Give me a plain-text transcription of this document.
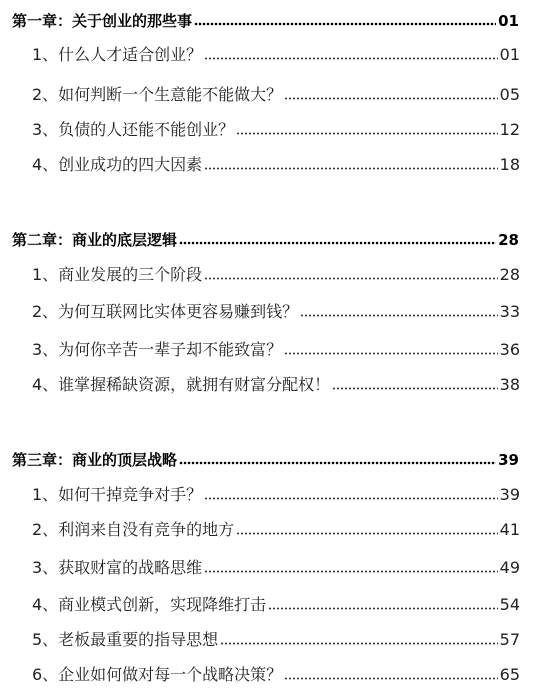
第一章：关于创业的那些事	01
1、什么人才适合创业？	01
2、如何判断一个生意能不能做大？	05
3、负债的人还能不能创业？	12
4、创业成功的四大因素	18
第二章：商业的底层逻辑	28
1、商业发展的三个阶段	28
2、为何互联网比实体更容易赚到钱？	33
3、为何你辛苦一辈子却不能致富？	36
4、谁掌握稀缺资源，就拥有财富分配权！	38
第三章：商业的顶层战略	39
1、如何干掉竞争对手？	39
2、利润来自没有竞争的地方	41
3、获取财富的战略思维	49
4、商业模式创新，实现降维打击	54
5、老板最重要的指导思想	57
6、企业如何做对每一个战略决策？	65
